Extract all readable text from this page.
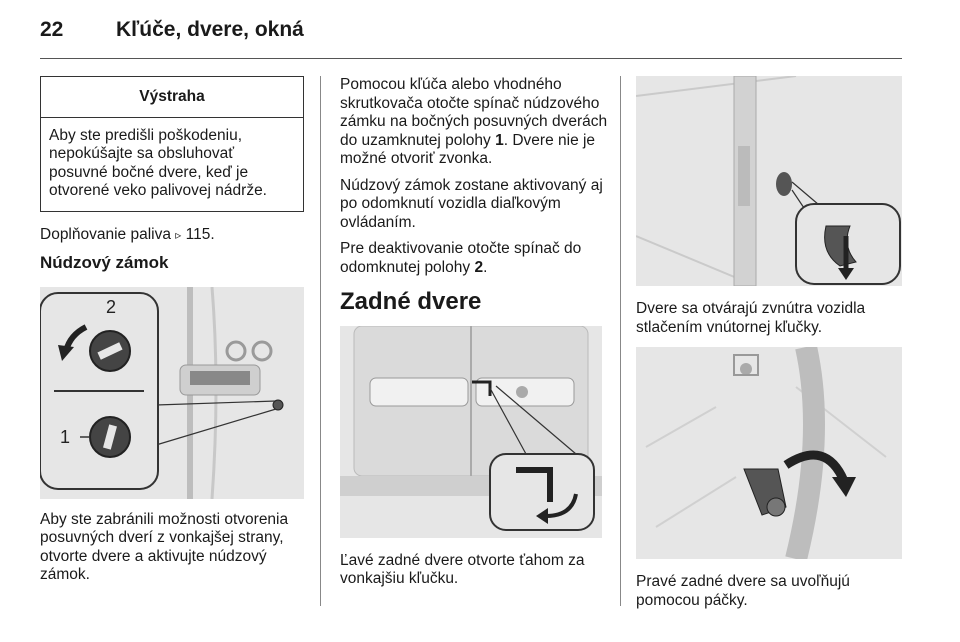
22	Kľúče, dvere, okná
Výstraha
Aby ste predišli poškodeniu, nepokúšajte sa obsluhovať posuvné bočné dvere, keď je otvorené veko palivovej nádrže.

Doplňovanie paliva ▹ 115.

Núdzový zámok
2
1

Aby ste zabránili možnosti otvorenia posuvných dverí z vonkajšej strany, otvorte dvere a aktivujte núdzový zámok.

Pomocou kľúča alebo vhodného skrutkovača otočte spínač núdzového zámku na bočných posuvných dverách do uzamknutej polohy 1. Dvere nie je možné otvoriť zvonka.

Núdzový zámok zostane aktivovaný aj po odomknutí vozidla diaľkovým ovládaním.

Pre deaktivovanie otočte spínač do odomknutej polohy 2.

Zadné dvere

Ľavé zadné dvere otvorte ťahom za vonkajšiu kľučku.

Dvere sa otvárajú zvnútra vozidla stlačením vnútornej kľučky.

Pravé zadné dvere sa uvoľňujú pomocou páčky.
